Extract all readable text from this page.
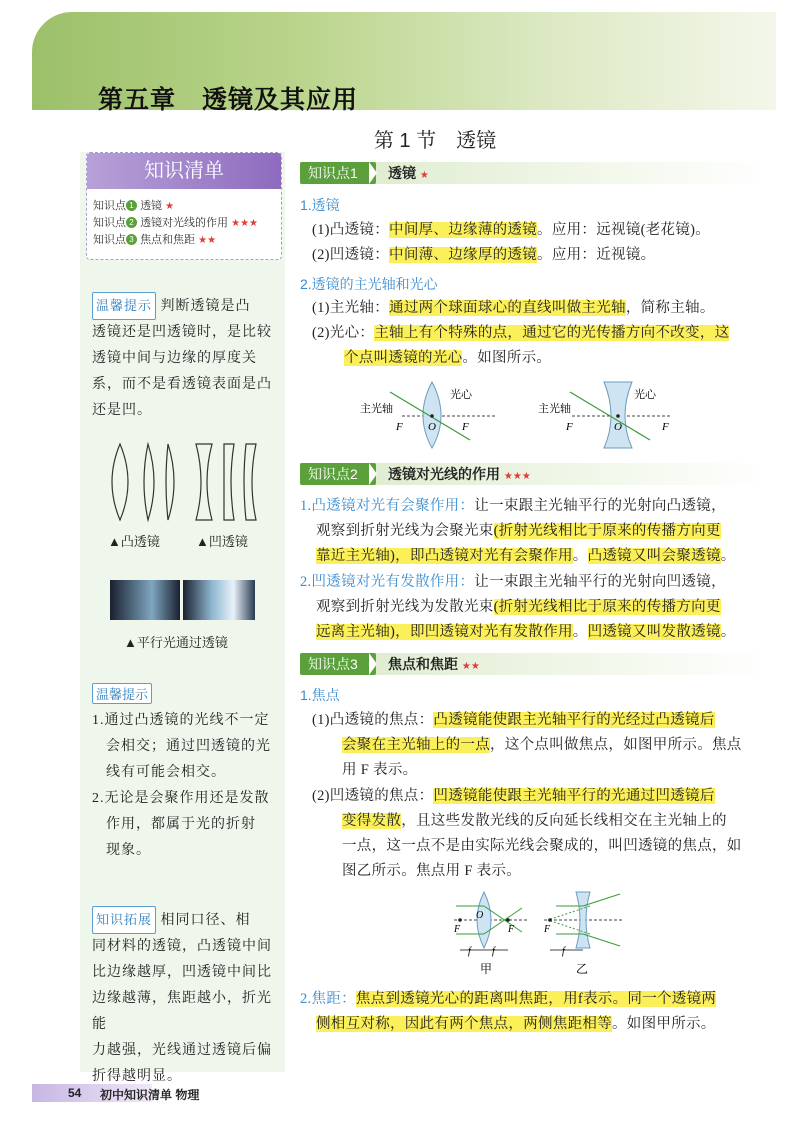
第五章　透镜及其应用
第 1 节　透镜
知识清单
知识点 1 透镜 ★
知识点 2 透镜对光线的作用 ★★★
知识点 3 焦点和焦距 ★★
温馨提示 判断透镜是凸
透镜还是凹透镜时，是比较
透镜中间与边缘的厚度关
系，而不是看透镜表面是凸
还是凹。
▲凸透镜	▲凹透镜
▲平行光通过透镜
温馨提示
1.通过凸透镜的光线不一定
会相交；通过凹透镜的光
线有可能会相交。
2.无论是会聚作用还是发散
作用，都属于光的折射
现象。
知识拓展 相同口径、相
同材料的透镜，凸透镜中间
比边缘越厚，凹透镜中间比
边缘越薄，焦距越小，折光能
力越强，光线通过透镜后偏
折得越明显。
知识点1	透镜 ★
1.透镜
(1)凸透镜：中间厚、边缘薄的透镜。应用：远视镜(老花镜)。
(2)凹透镜：中间薄、边缘厚的透镜。应用：近视镜。
2.透镜的主光轴和光心
(1)主光轴：通过两个球面球心的直线叫做主光轴，简称主轴。
(2)光心：主轴上有个特殊的点，通过它的光传播方向不改变，这
个点叫透镜的光心。如图所示。
主光轴
光心
F O F
主光轴
光心
F	O	F
知识点2	透镜对光线的作用 ★★★
1.凸透镜对光有会聚作用：让一束跟主光轴平行的光射向凸透镜，
观察到折射光线为会聚光束(折射光线相比于原来的传播方向更
靠近主光轴)，即凸透镜对光有会聚作用。凸透镜又叫会聚透镜。
2.凹透镜对光有发散作用：让一束跟主光轴平行的光射向凹透镜，
观察到折射光线为发散光束(折射光线相比于原来的传播方向更
远离主光轴)，即凹透镜对光有发散作用。凹透镜又叫发散透镜。
知识点3	焦点和焦距 ★★
1.焦点
(1)凸透镜的焦点：凸透镜能使跟主光轴平行的光经过凸透镜后
会聚在主光轴上的一点，这个点叫做焦点，如图甲所示。焦点
用 F 表示。
(2)凹透镜的焦点：凹透镜能使跟主光轴平行的光通过凹透镜后
变得发散，且这些发散光线的反向延长线相交在主光轴上的
一点，这一点不是由实际光线会聚成的，叫凹透镜的焦点，如
图乙所示。焦点用 F 表示。
F
O
F
f f
甲
F
f
乙
2.焦距：焦点到透镜光心的距离叫焦距，用f表示。同一个透镜两
侧相互对称，因此有两个焦点，两侧焦距相等。如图甲所示。
54 初中知识清单 物理
